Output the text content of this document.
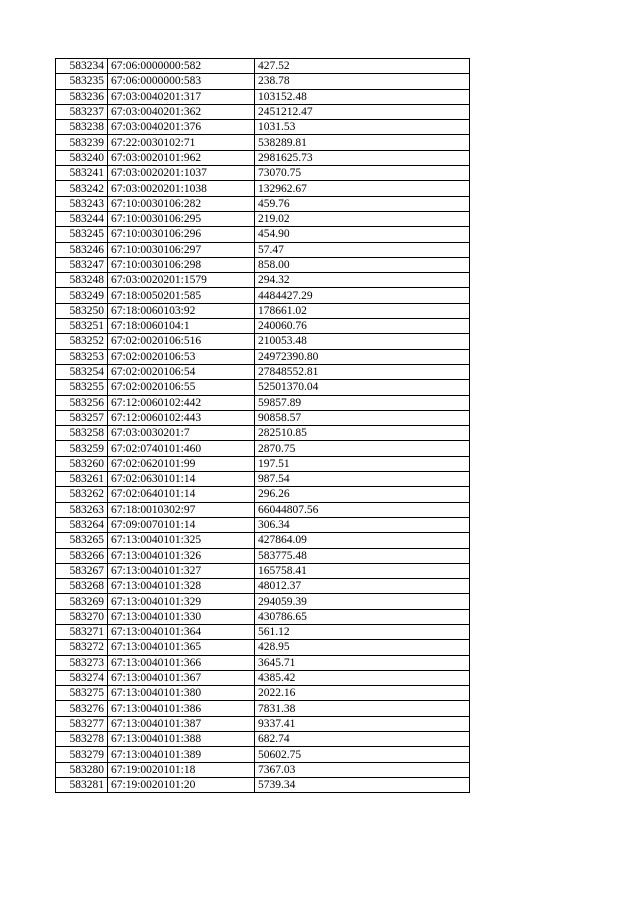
583234	67:06:0000000:582	427.52
583235	67:06:0000000:583	238.78
583236	67:03:0040201:317	103152.48
583237	67:03:0040201:362	2451212.47
583238	67:03:0040201:376	1031.53
583239	67:22:0030102:71	538289.81
583240	67:03:0020101:962	2981625.73
583241	67:03:0020201:1037	73070.75
583242	67:03:0020201:1038	132962.67
583243	67:10:0030106:282	459.76
583244	67:10:0030106:295	219.02
583245	67:10:0030106:296	454.90
583246	67:10:0030106:297	57.47
583247	67:10:0030106:298	858.00
583248	67:03:0020201:1579	294.32
583249	67:18:0050201:585	4484427.29
583250	67:18:0060103:92	178661.02
583251	67:18:0060104:1	240060.76
583252	67:02:0020106:516	210053.48
583253	67:02:0020106:53	24972390.80
583254	67:02:0020106:54	27848552.81
583255	67:02:0020106:55	52501370.04
583256	67:12:0060102:442	59857.89
583257	67:12:0060102:443	90858.57
583258	67:03:0030201:7	282510.85
583259	67:02:0740101:460	2870.75
583260	67:02:0620101:99	197.51
583261	67:02:0630101:14	987.54
583262	67:02:0640101:14	296.26
583263	67:18:0010302:97	66044807.56
583264	67:09:0070101:14	306.34
583265	67:13:0040101:325	427864.09
583266	67:13:0040101:326	583775.48
583267	67:13:0040101:327	165758.41
583268	67:13:0040101:328	48012.37
583269	67:13:0040101:329	294059.39
583270	67:13:0040101:330	430786.65
583271	67:13:0040101:364	561.12
583272	67:13:0040101:365	428.95
583273	67:13:0040101:366	3645.71
583274	67:13:0040101:367	4385.42
583275	67:13:0040101:380	2022.16
583276	67:13:0040101:386	7831.38
583277	67:13:0040101:387	9337.41
583278	67:13:0040101:388	682.74
583279	67:13:0040101:389	50602.75
583280	67:19:0020101:18	7367.03
583281	67:19:0020101:20	5739.34
